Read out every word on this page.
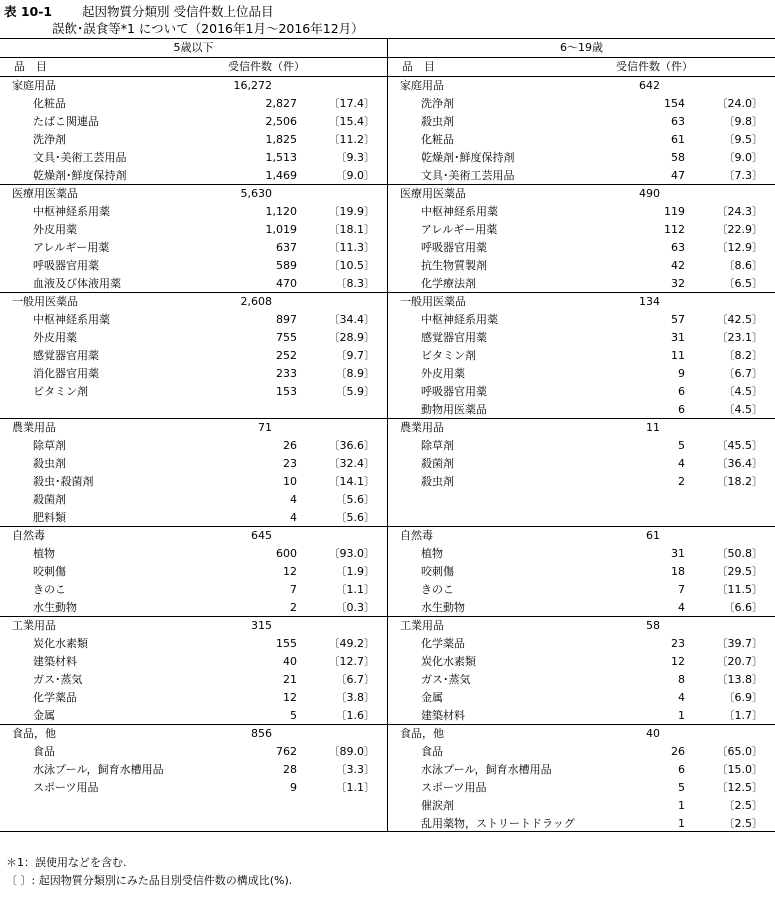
表 10-1 起因物質分類別 受信件数上位品目
誤飲･誤食等*1 について（2016年1月～2016年12月）
5歳以下
品　目	受信件数（件）
家庭用品	16,272
化粧品	2,827	〔17.4〕
たばこ関連品	2,506	〔15.4〕
洗浄剤	1,825	〔11.2〕
文具･美術工芸用品	1,513	〔9.3〕
乾燥剤･鮮度保持剤	1,469	〔9.0〕
医療用医薬品	5,630
中枢神経系用薬	1,120	〔19.9〕
外皮用薬	1,019	〔18.1〕
アレルギー用薬	637	〔11.3〕
呼吸器官用薬	589	〔10.5〕
血液及び体液用薬	470	〔8.3〕
一般用医薬品	2,608
中枢神経系用薬	897	〔34.4〕
外皮用薬	755	〔28.9〕
感覚器官用薬	252	〔9.7〕
消化器官用薬	233	〔8.9〕
ビタミン剤	153	〔5.9〕
農業用品	71
除草剤	26	〔36.6〕
殺虫剤	23	〔32.4〕
殺虫･殺菌剤	10	〔14.1〕
殺菌剤	4	〔5.6〕
肥料類	4	〔5.6〕
自然毒	645
植物	600	〔93.0〕
咬刺傷	12	〔1.9〕
きのこ	7	〔1.1〕
水生動物	2	〔0.3〕
工業用品	315
炭化水素類	155	〔49.2〕
建築材料	40	〔12.7〕
ガス･蒸気	21	〔6.7〕
化学薬品	12	〔3.8〕
金属	5	〔1.6〕
食品，他	856
食品	762	〔89.0〕
水泳プール，飼育水槽用品	28	〔3.3〕
スポーツ用品	9	〔1.1〕
6～19歳
品　目	受信件数（件）
家庭用品	642
洗浄剤	154	〔24.0〕
殺虫剤	63	〔9.8〕
化粧品	61	〔9.5〕
乾燥剤･鮮度保持剤	58	〔9.0〕
文具･美術工芸用品	47	〔7.3〕
医療用医薬品	490
中枢神経系用薬	119	〔24.3〕
アレルギー用薬	112	〔22.9〕
呼吸器官用薬	63	〔12.9〕
抗生物質製剤	42	〔8.6〕
化学療法剤	32	〔6.5〕
一般用医薬品	134
中枢神経系用薬	57	〔42.5〕
感覚器官用薬	31	〔23.1〕
ビタミン剤	11	〔8.2〕
外皮用薬	9	〔6.7〕
呼吸器官用薬	6	〔4.5〕
動物用医薬品	6	〔4.5〕
農業用品	11
除草剤	5	〔45.5〕
殺菌剤	4	〔36.4〕
殺虫剤	2	〔18.2〕
自然毒	61
植物	31	〔50.8〕
咬刺傷	18	〔29.5〕
きのこ	7	〔11.5〕
水生動物	4	〔6.6〕
工業用品	58
化学薬品	23	〔39.7〕
炭化水素類	12	〔20.7〕
ガス･蒸気	8	〔13.8〕
金属	4	〔6.9〕
建築材料	1	〔1.7〕
食品，他	40
食品	26	〔65.0〕
水泳プール，飼育水槽用品	6	〔15.0〕
スポーツ用品	5	〔12.5〕
催涙剤	1	〔2.5〕
乱用薬物，ストリートドラッグ	1	〔2.5〕
＊1：誤使用などを含む.
〔 〕: 起因物質分類別にみた品目別受信件数の構成比(%).
